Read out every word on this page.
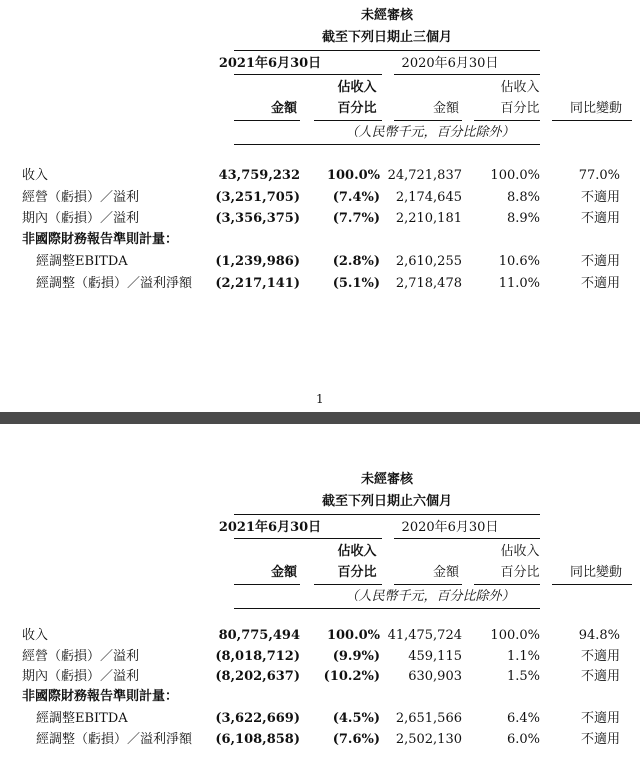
未經審核
截至下列日期止三個月
2021年6月30日	2020年6月30日
佔收入	佔收入
金額	百分比	金額	百分比 同比變動
（人民幣千元，百分比除外）
收入	43,759,232 100.0% 24,721,837 100.0%	77.0%
經營（虧損）／溢利	(3,251,705)	(7.4%) 2,174,645	8.8%	不適用
期內（虧損）／溢利	(3,356,375)	(7.7%) 2,210,181	8.9%	不適用
非國際財務報告準則計量：
經調整EBITDA	(1,239,986)	(2.8%) 2,610,255	10.6%	不適用
經調整（虧損）／溢利淨額 (2,217,141)	(5.1%) 2,718,478	11.0%	不適用
1
未經審核
截至下列日期止六個月
2021年6月30日	2020年6月30日
佔收入	佔收入
金額	百分比	金額	百分比 同比變動
（人民幣千元，百分比除外）
收入	80,775,494 100.0% 41,475,724 100.0%	94.8%
經營（虧損）／溢利	(8,018,712)	(9.9%) 459,115	1.1%	不適用
期內（虧損）／溢利	(8,202,637) (10.2%) 630,903	1.5%	不適用
非國際財務報告準則計量：
經調整EBITDA	(3,622,669)	(4.5%) 2,651,566	6.4%	不適用
經調整（虧損）／溢利淨額 (6,108,858)	(7.6%) 2,502,130	6.0%	不適用
